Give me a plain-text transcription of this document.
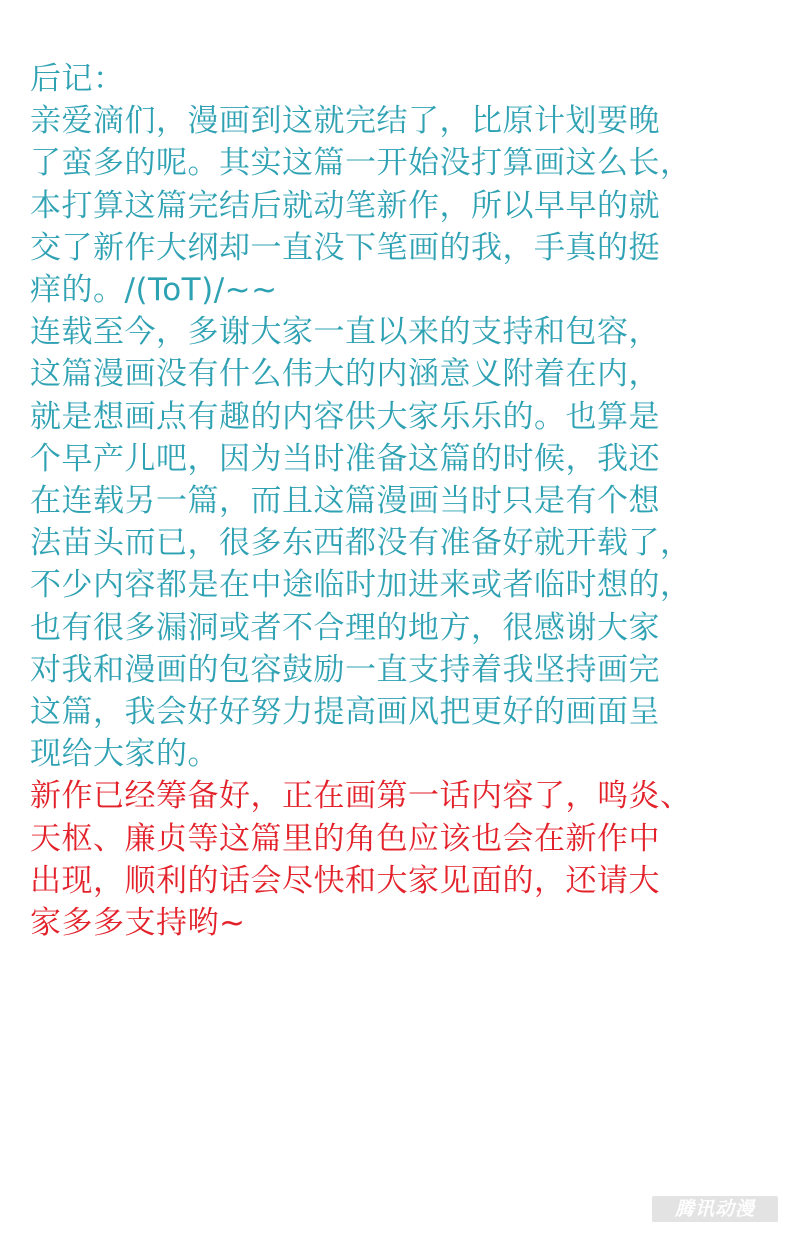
后记：
亲爱滴们，漫画到这就完结了，比原计划要晚
了蛮多的呢。其实这篇一开始没打算画这么长，
本打算这篇完结后就动笔新作，所以早早的就
交了新作大纲却一直没下笔画的我，手真的挺
痒的。/(ToT)/~~
连载至今，多谢大家一直以来的支持和包容，
这篇漫画没有什么伟大的内涵意义附着在内，
就是想画点有趣的内容供大家乐乐的。也算是
个早产儿吧，因为当时准备这篇的时候，我还
在连载另一篇，而且这篇漫画当时只是有个想
法苗头而已，很多东西都没有准备好就开载了，
不少内容都是在中途临时加进来或者临时想的，
也有很多漏洞或者不合理的地方，很感谢大家
对我和漫画的包容鼓励一直支持着我坚持画完
这篇，我会好好努力提高画风把更好的画面呈
现给大家的。
新作已经筹备好，正在画第一话内容了，鸣炎、
天枢、廉贞等这篇里的角色应该也会在新作中
出现，顺利的话会尽快和大家见面的，还请大
家多多支持哟~
腾讯动漫
